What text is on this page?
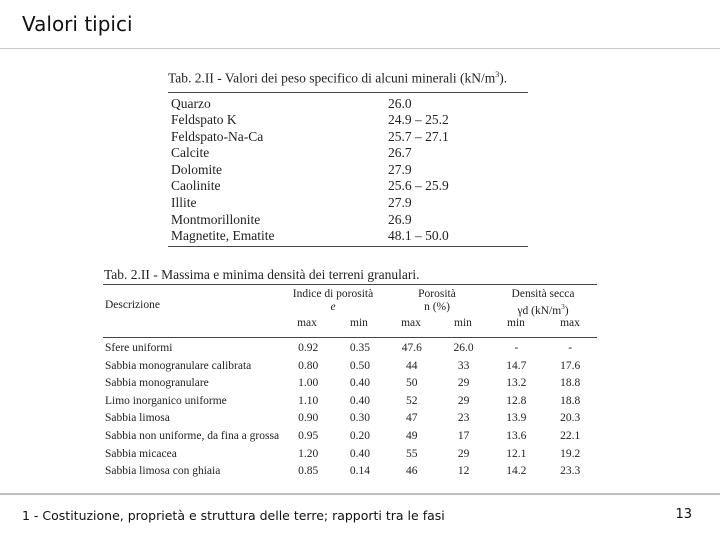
Valori tipici
Tab. 2.II - Valori dei peso specifico di alcuni minerali $(kN/m^3)$.
Quarzo	26.0
Feldspato K	24.9 – 25.2
Feldspato-Na-Ca	25.7 – 27.1
Calcite	26.7
Dolomite	27.9
Caolinite	25.6 – 25.9
Illite	27.9
Montmorillonite	26.9
Magnetite, Ematite	48.1 – 50.0
Tab. 2.II - Massima e minima densità dei terreni granulari.
Descrizione
Indice di porosità
e
Porosità
n (%)
Densità secca
γd $(kN/m^3)$
max	min	max	min	min	max
Sfere uniformi	0.92	0.35	47.6	26.0	-	-
Sabbia monogranulare calibrata	0.80	0.50	44	33	14.7	17.6
Sabbia monogranulare	1.00	0.40	50	29	13.2	18.8
Limo inorganico uniforme	1.10	0.40	52	29	12.8	18.8
Sabbia limosa	0.90	0.30	47	23	13.9	20.3
Sabbia non uniforme, da fina a grossa	0.95	0.20	49	17	13.6	22.1
Sabbia micacea	1.20	0.40	55	29	12.1	19.2
Sabbia limosa con ghiaia	0.85	0.14	46	12	14.2	23.3
1 - Costituzione, proprietà e struttura delle terre; rapporti tra le fasi	13
